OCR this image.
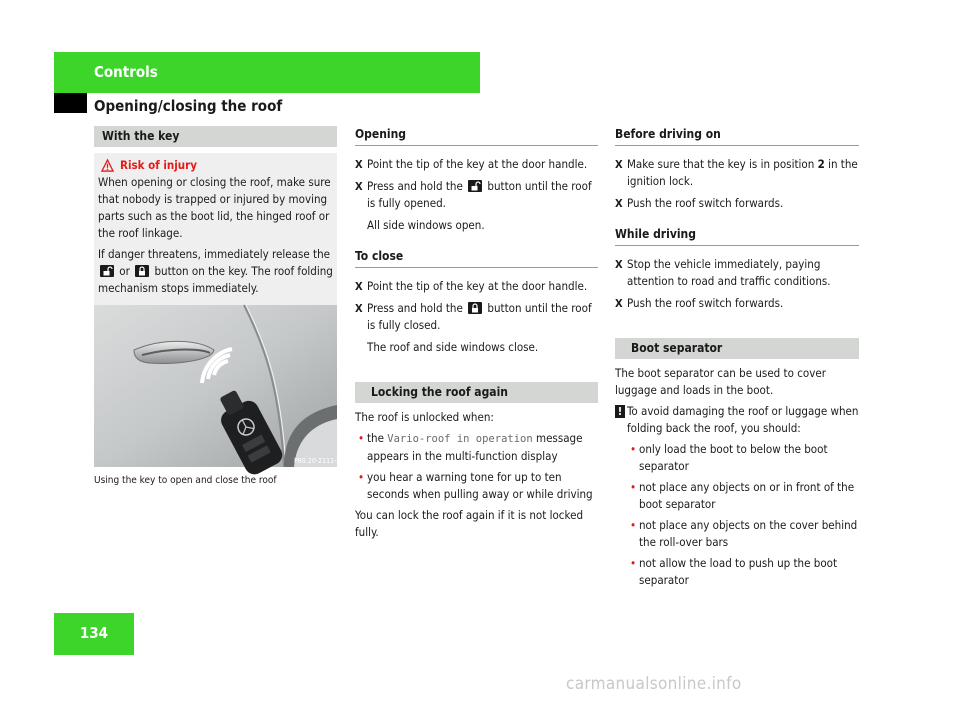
Controls
Opening/closing the roof
With the key
Risk of injury
When opening or closing the roof, make sure that nobody is trapped or injured by moving parts such as the boot lid, the hinged roof or the roof linkage.
If danger threatens, immediately release the
or button on the key. The roof folding mechanism stops immediately.
P80.20-2111-31
Using the key to open and close the roof
Opening
X Point the tip of the key at the door handle.
X Press and hold the button until the roof is fully opened.
All side windows open.
To close
X Point the tip of the key at the door handle.
X Press and hold the button until the roof is fully closed.
The roof and side windows close.
Locking the roof again
The roof is unlocked when:
• the Vario-roof in operation message appears in the multi-function display
• you hear a warning tone for up to ten seconds when pulling away or while driving
You can lock the roof again if it is not locked fully.
Before driving on
X Make sure that the key is in position 2 in the ignition lock.
X Push the roof switch forwards.
While driving
X Stop the vehicle immediately, paying attention to road and traffic conditions.
X Push the roof switch forwards.
Boot separator
The boot separator can be used to cover luggage and loads in the boot.
! To avoid damaging the roof or luggage when folding back the roof, you should:
• only load the boot to below the boot separator
• not place any objects on or in front of the boot separator
• not place any objects on the cover behind the roll-over bars
• not allow the load to push up the boot separator
134
carmanualsonline.info
